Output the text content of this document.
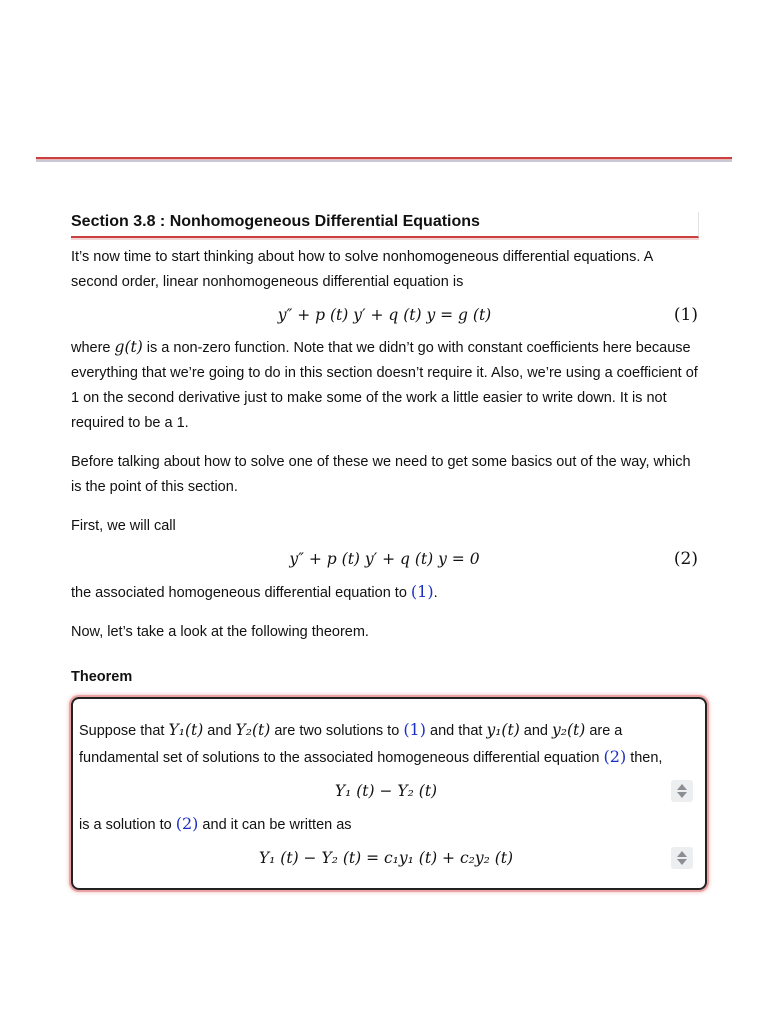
Section 3.8 : Nonhomogeneous Differential Equations

It’s now time to start thinking about how to solve nonhomogeneous differential equations. A second order, linear nonhomogeneous differential equation is

y″ + p (t) y′ + q (t) y = g (t)	(1)

where g(t) is a non-zero function. Note that we didn’t go with constant coefficients here because everything that we’re going to do in this section doesn’t require it. Also, we’re using a coefficient of 1 on the second derivative just to make some of the work a little easier to write down. It is not required to be a 1.

Before talking about how to solve one of these we need to get some basics out of the way, which is the point of this section.

First, we will call

y″ + p (t) y′ + q (t) y = 0	(2)

the associated homogeneous differential equation to (1).

Now, let’s take a look at the following theorem.

Theorem

Suppose that Y₁(t) and Y₂(t) are two solutions to (1) and that y₁(t) and y₂(t) are a fundamental set of solutions to the associated homogeneous differential equation (2) then,

Y₁ (t) − Y₂ (t)

is a solution to (2) and it can be written as

Y₁ (t) − Y₂ (t) = c₁y₁ (t) + c₂y₂ (t)
